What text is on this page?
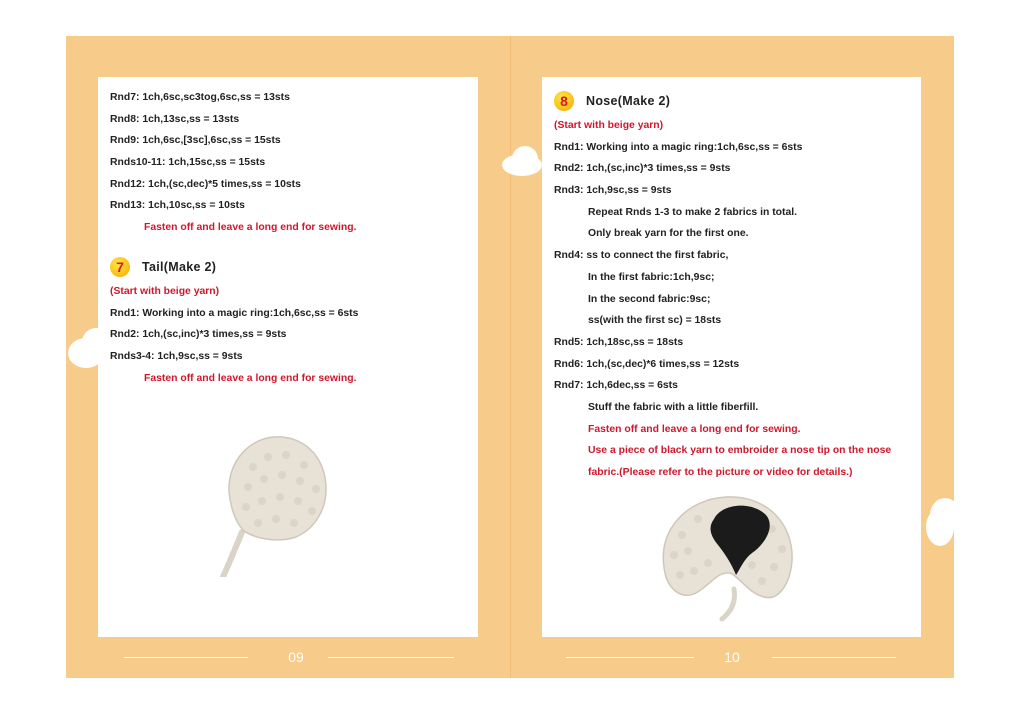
Rnd7: 1ch,6sc,sc3tog,6sc,ss = 13sts
Rnd8: 1ch,13sc,ss = 13sts
Rnd9: 1ch,6sc,[3sc],6sc,ss = 15sts
Rnds10-11: 1ch,15sc,ss = 15sts
Rnd12: 1ch,(sc,dec)*5 times,ss = 10sts
Rnd13: 1ch,10sc,ss = 10sts
Fasten off and leave a long end for sewing.
7	Tail(Make 2)
(Start with beige yarn)
Rnd1: Working into a magic ring:1ch,6sc,ss = 6sts
Rnd2: 1ch,(sc,inc)*3 times,ss = 9sts
Rnds3-4: 1ch,9sc,ss = 9sts
Fasten off and leave a long end for sewing.
8	Nose(Make 2)
(Start with beige yarn)
Rnd1: Working into a magic ring:1ch,6sc,ss = 6sts
Rnd2: 1ch,(sc,inc)*3 times,ss = 9sts
Rnd3: 1ch,9sc,ss = 9sts
Repeat Rnds 1-3 to make 2 fabrics in total.
Only break yarn for the first one.
Rnd4: ss to connect the first fabric,
In the first fabric:1ch,9sc;
In the second fabric:9sc;
ss(with the first sc) = 18sts
Rnd5: 1ch,18sc,ss = 18sts
Rnd6: 1ch,(sc,dec)*6 times,ss = 12sts
Rnd7: 1ch,6dec,ss = 6sts
Stuff the fabric with a little fiberfill.
Fasten off and leave a long end for sewing.
Use a piece of black yarn to embroider a nose tip on the nose
fabric.(Please refer to the picture or video for details.)
09	10
